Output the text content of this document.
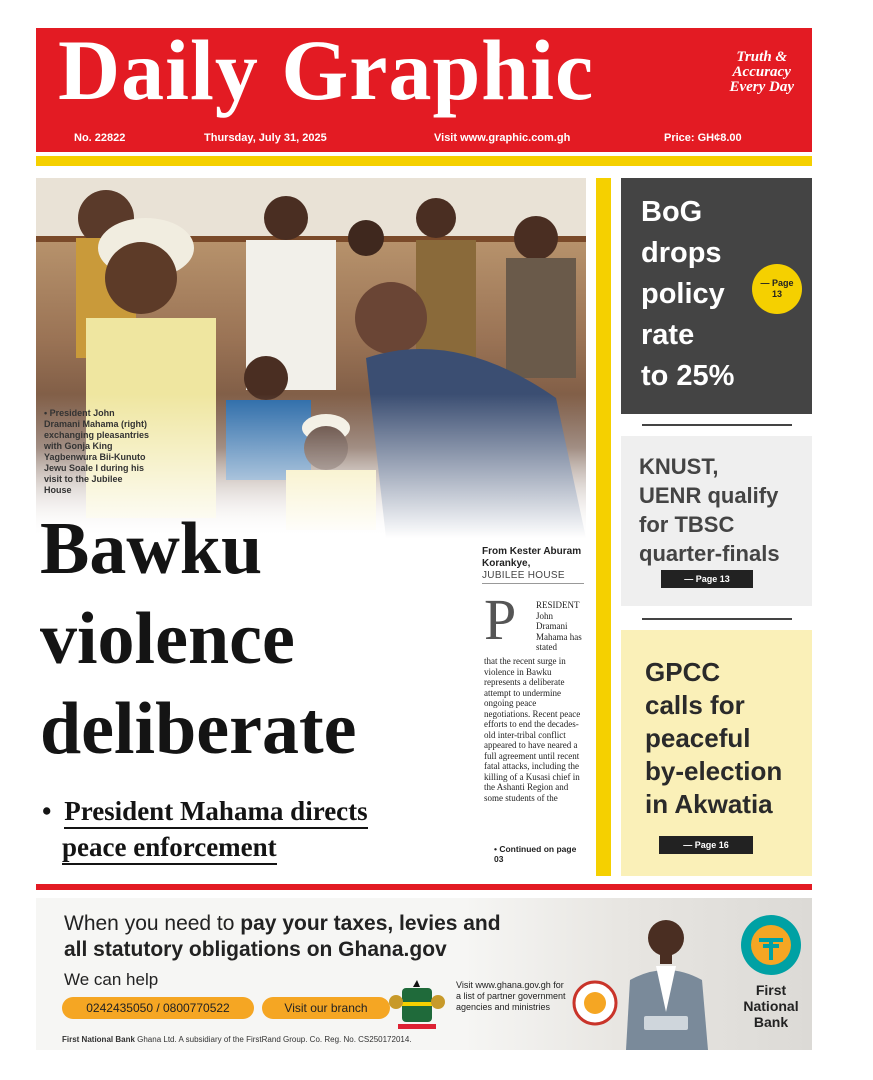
Daily Graphic	Truth &
Accuracy
Every Day
No. 22822	Thursday, July 31, 2025	Visit www.graphic.com.gh	Price: GH¢8.00
• President John Dramani Mahama (right) exchanging pleasantries with Gonja King Yagbenwura Bii-Kunuto Jewu Soale I during his visit to the Jubilee House
Bawku
violence
deliberate
• President Mahama directs
peace enforcement
From Kester Aburam Korankye,
JUBILEE HOUSE
P RESIDENT John Dramani Mahama has stated
that the recent surge in violence in Bawku represents a deliberate attempt to undermine ongoing peace negotiations. Recent peace efforts to end the decades-old inter-tribal conflict appeared to have neared a full agreement until recent fatal attacks, including the killing of a Kusasi chief in the Ashanti Region and some students of the
• Continued on page 03
BoG
drops
policy
rate
to 25%
— Page
13
KNUST,
UENR qualify
for TBSC
quarter-finals
— Page 13
GPCC
calls for
peaceful
by-election
in Akwatia
— Page 16
When you need to pay your taxes, levies and
all statutory obligations on Ghana.gov
We can help
0242435050 / 0800770522	Visit our branch
First National Bank Ghana Ltd. A subsidiary of the FirstRand Group. Co. Reg. No. CS250172014.
Visit www.ghana.gov.gh for a list of partner government agencies and ministries
First
National
Bank
